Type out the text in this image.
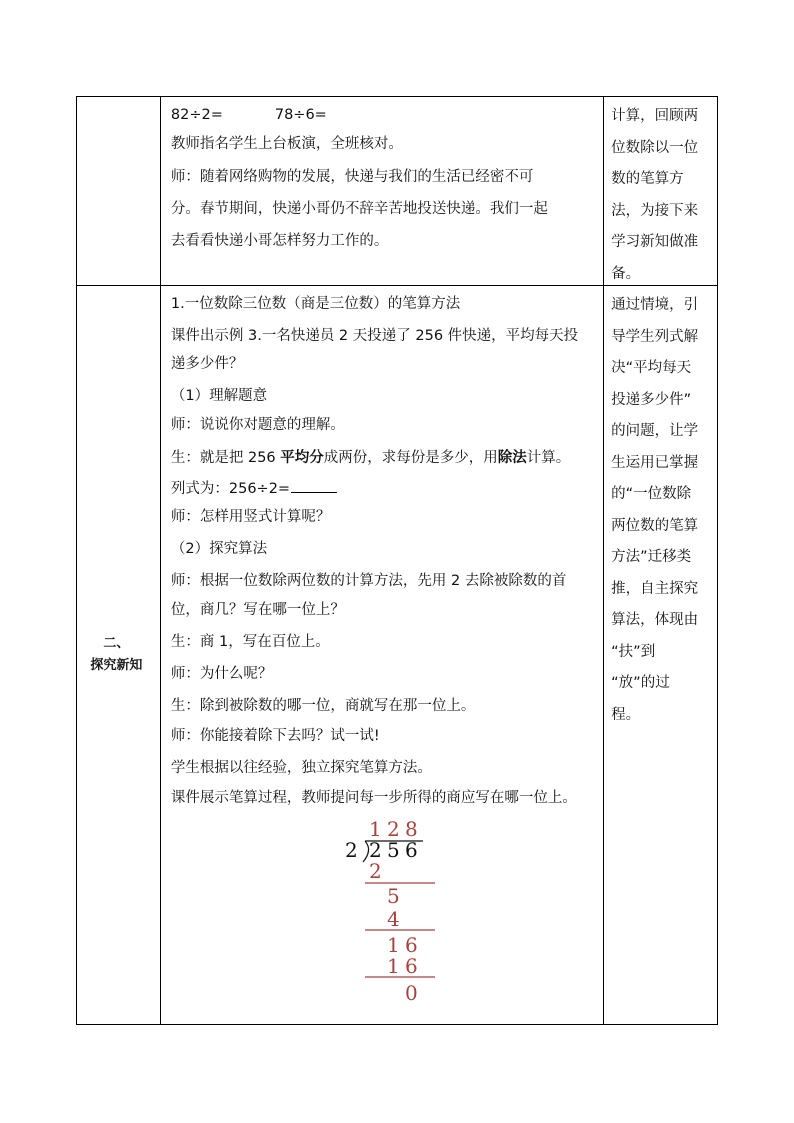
82÷2=	78÷6=
教师指名学生上台板演，全班核对。
师：随着网络购物的发展，快递与我们的生活已经密不可
分。春节期间，快递小哥仍不辞辛苦地投送快递。我们一起
去看看快递小哥怎样努力工作的。
计算，回顾两
位数除以一位
数的笔算方
法，为接下来
学习新知做准
备。
二、
探究新知
1.一位数除三位数（商是三位数）的笔算方法
课件出示例 3.一名快递员 2 天投递了 256 件快递，平均每天投
递多少件？
（1）理解题意
师：说说你对题意的理解。
生：就是把 256 平均分成两份，求每份是多少，用除法计算。
列式为：256÷2=
师：怎样用竖式计算呢？
（2）探究算法
师：根据一位数除两位数的计算方法，先用 2 去除被除数的首
位，商几？写在哪一位上？
生：商 1，写在百位上。
师：为什么呢？
生：除到被除数的哪一位，商就写在那一位上。
师：你能接着除下去吗？试一试!
学生根据以往经验，独立探究笔算方法。
课件展示笔算过程，教师提问每一步所得的商应写在哪一位上。
1 2 8
2 2 5 6
2
5
4
1 6
1 6
0
通过情境，引
导学生列式解
决“平均每天
投递多少件”
的问题，让学
生运用已掌握
的“一位数除
两位数的笔算
方法”迁移类
推，自主探究
算法，体现由
“扶”到
“放”的过
程。
